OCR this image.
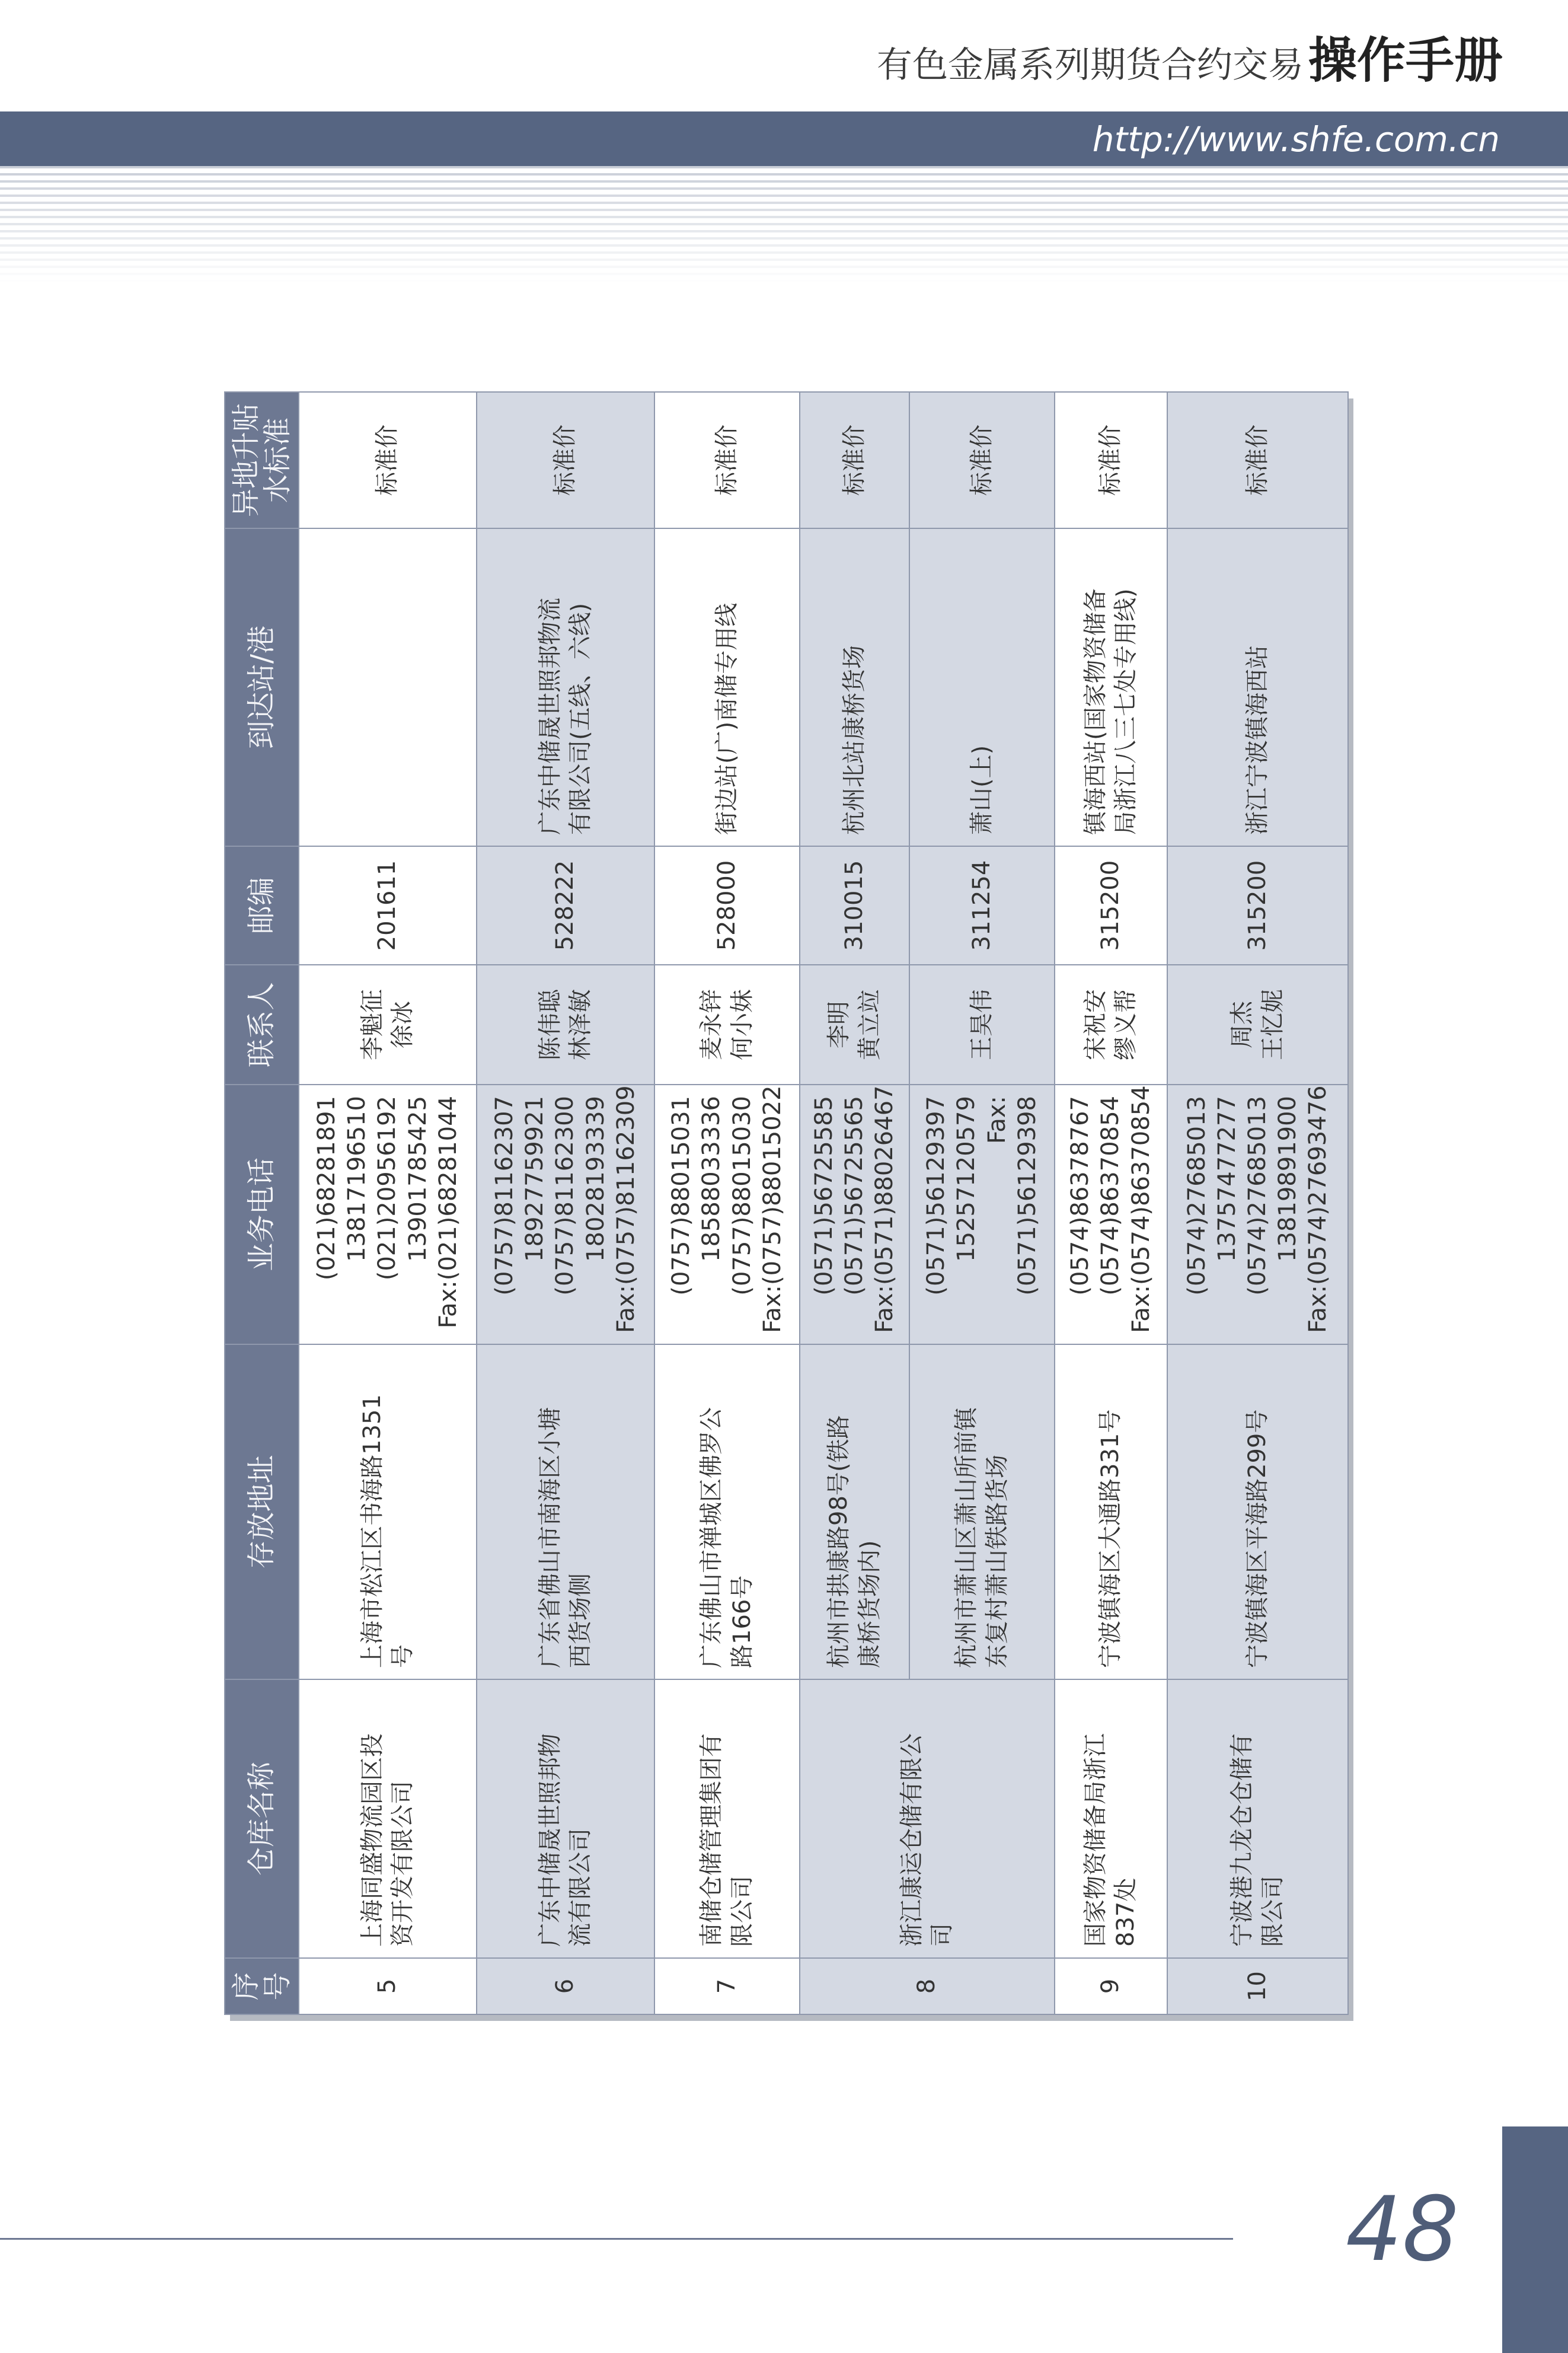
有色金属系列期货合约交易操作手册
http://www.shfe.com.cn
序
号	仓库名称	存放地址	业务电话	联系人	邮编	到达站/港	异地升贴
水标准

5	上海同盛物流园区投 资开发有限公司	上海市松江区书海路1351 号	(021)68281891 13817196510 (021)20956192 13901785425 Fax:(021)68281044	李魁征 徐冰	201611		标准价
6	广东中储晟世照邦物 流有限公司	广东省佛山市南海区小塘 西货场侧	(0757)81162307 18927759921 (0757)81162300 18028193339 Fax:(0757)81162309	陈伟聪 林泽敏	528222	广东中储晟世照邦物流 有限公司(五线、六线)	标准价
7	南储仓储管理集团有 限公司	广东佛山市禅城区佛罗公 路166号	(0757)88015031 18588033336 (0757)88015030 Fax:(0757)88015022	麦永锌 何小妹	528000	街边站(广)南储专用线	标准价
8	浙江康运仓储有限公 司	杭州市拱康路98号(铁路 康桥货场内)	(0571)56725585 (0571)56725565 Fax:(0571)88026467	李明 黄立竝	310015	杭州北站康桥货场	标准价

		杭州市萧山区萧山所前镇 东复村萧山铁路货场	(0571)56129397 15257120579 Fax: (0571)56129398	王昊伟	311254	萧山(上)	标准价
9	国家物资储备局浙江 837处	宁波镇海区大通路331号	(0574)86378767 (0574)86370854 Fax:(0574)86370854	宋祝安 缪义帮	315200	镇海西站(国家物资储备 局浙江八三七处专用线)	标准价
10	宁波港九龙仓仓储有 限公司	宁波镇海区平海路299号	(0574)27685013 13757477277 (0574)27685013 13819891900 Fax:(0574)27693476	周杰 王忆妮	315200	浙江宁波镇海西站	标准价
48
